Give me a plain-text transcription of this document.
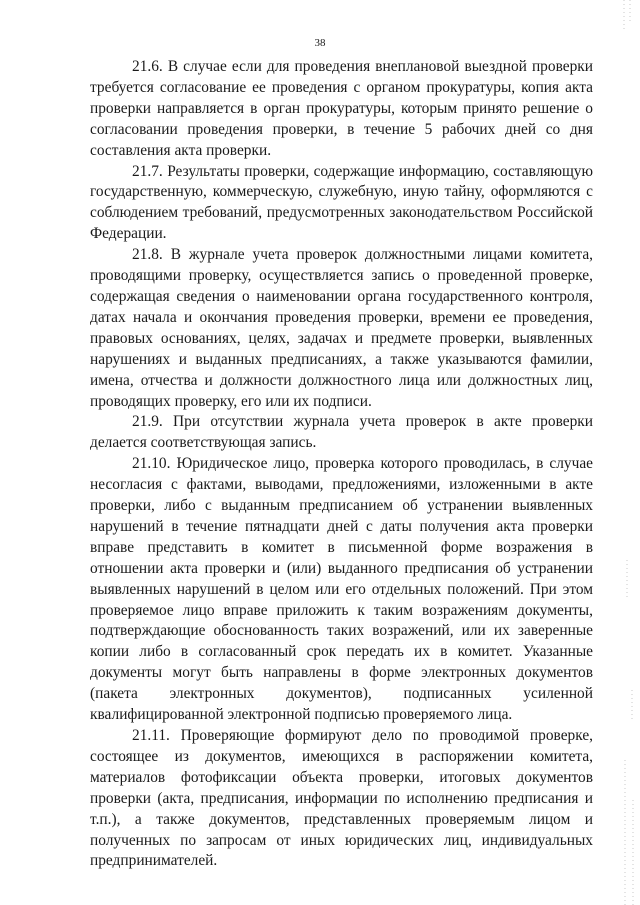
38

21.6. В случае если для проведения внеплановой выездной проверки требуется согласование ее проведения с органом прокуратуры, копия акта проверки направляется в орган прокуратуры, которым принято решение о согласовании проведения проверки, в течение 5 рабочих дней со дня составления акта проверки.

21.7. Результаты проверки, содержащие информацию, составляющую государственную, коммерческую, служебную, иную тайну, оформляются с соблюдением требований, предусмотренных законодательством Российской Федерации.

21.8. В журнале учета проверок должностными лицами комитета, проводящими проверку, осуществляется запись о проведенной проверке, содержащая сведения о наименовании органа государственного контроля, датах начала и окончания проведения проверки, времени ее проведения, правовых основаниях, целях, задачах и предмете проверки, выявленных нарушениях и выданных предписаниях, а также указываются фамилии, имена, отчества и должности должностного лица или должностных лиц, проводящих проверку, его или их подписи.

21.9. При отсутствии журнала учета проверок в акте проверки делается соответствующая запись.

21.10. Юридическое лицо, проверка которого проводилась, в случае несогласия с фактами, выводами, предложениями, изложенными в акте проверки, либо с выданным предписанием об устранении выявленных нарушений в течение пятнадцати дней с даты получения акта проверки вправе представить в комитет в письменной форме возражения в отношении акта проверки и (или) выданного предписания об устранении выявленных нарушений в целом или его отдельных положений. При этом проверяемое лицо вправе приложить к таким возражениям документы, подтверждающие обоснованность таких возражений, или их заверенные копии либо в согласованный срок передать их в комитет. Указанные документы могут быть направлены в форме электронных документов (пакета электронных документов), подписанных усиленной квалифицированной электронной подписью проверяемого лица.

21.11. Проверяющие формируют дело по проводимой проверке, состоящее из документов, имеющихся в распоряжении комитета, материалов фотофиксации объекта проверки, итоговых документов проверки (акта, предписания, информации по исполнению предписания и т.п.), а также документов, представленных проверяемым лицом и полученных по запросам от иных юридических лиц, индивидуальных предпринимателей.
